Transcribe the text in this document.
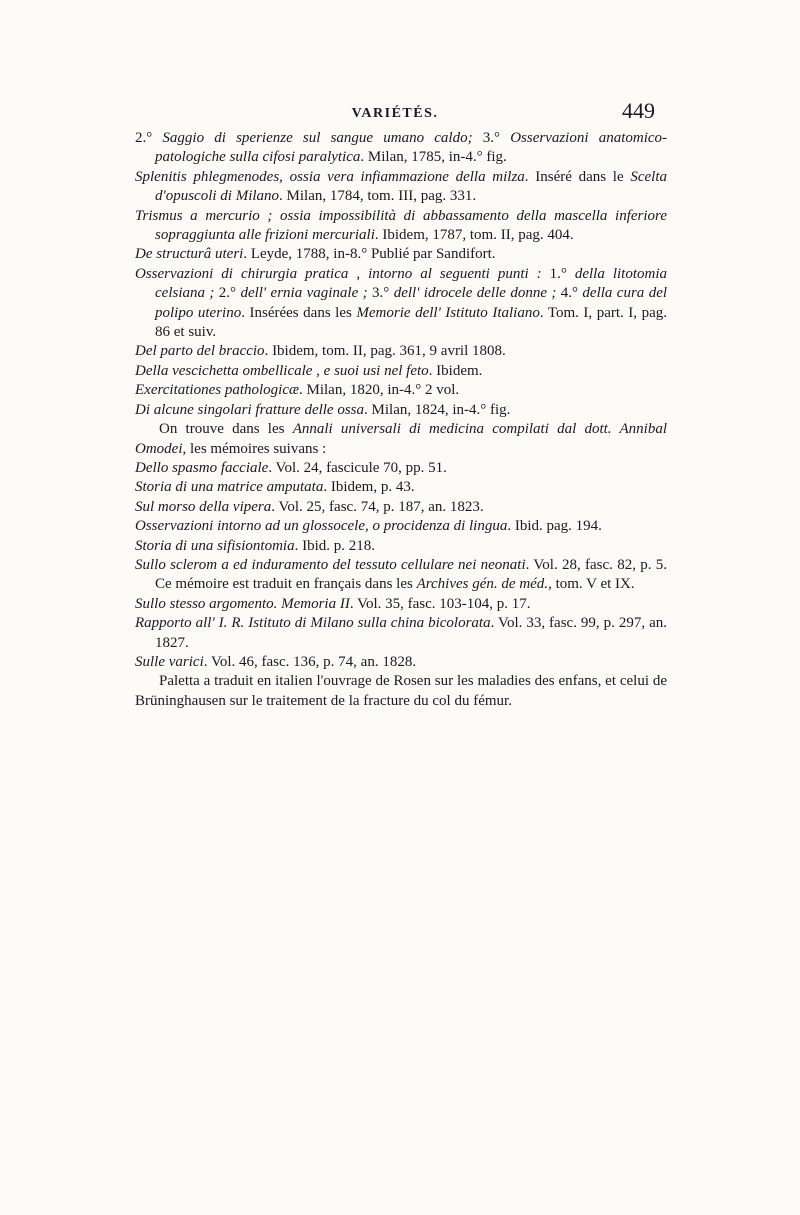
VARIÉTÉS.	449

2.° Saggio di sperienze sul sangue umano caldo; 3.° Osservazioni anatomico-patologiche sulla cifosi paralytica. Milan, 1785, in-4.° fig.

Splenitis phlegmenodes, ossia vera infiammazione della milza. Inséré dans le Scelta d'opuscoli di Milano. Milan, 1784, tom. III, pag. 331.

Trismus a mercurio ; ossia impossibilità di abbassamento della mascella inferiore sopraggiunta alle frizioni mercuriali. Ibidem, 1787, tom. II, pag. 404.

De structurâ uteri. Leyde, 1788, in-8.° Publié par Sandifort.

Osservazioni di chirurgia pratica , intorno al seguenti punti : 1.° della litotomia celsiana ; 2.° dell' ernia vaginale ; 3.° dell' idrocele delle donne ; 4.° della cura del polipo uterino. Insérées dans les Memorie dell' Istituto Italiano. Tom. I, part. I, pag. 86 et suiv.

Del parto del braccio. Ibidem, tom. II, pag. 361, 9 avril 1808.

Della vescichetta ombellicale , e suoi usi nel feto. Ibidem.

Exercitationes pathologicæ. Milan, 1820, in-4.° 2 vol.

Di alcune singolari fratture delle ossa. Milan, 1824, in-4.° fig.

On trouve dans les Annali universali di medicina compilati dal dott. Annibal Omodei, les mémoires suivans :

Dello spasmo facciale. Vol. 24, fascicule 70, pp. 51.

Storia di una matrice amputata. Ibidem, p. 43.

Sul morso della vipera. Vol. 25, fasc. 74, p. 187, an. 1823.

Osservazioni intorno ad un glossocele, o procidenza di lingua. Ibid. pag. 194.

Storia di una sifisiontomia. Ibid. p. 218.

Sullo sclerom a ed induramento del tessuto cellulare nei neonati. Vol. 28, fasc. 82, p. 5. Ce mémoire est traduit en français dans les Archives gén. de méd., tom. V et IX.

Sullo stesso argomento. Memoria II. Vol. 35, fasc. 103-104, p. 17.

Rapporto all' I. R. Istituto di Milano sulla china bicolorata. Vol. 33, fasc. 99, p. 297, an. 1827.

Sulle varici. Vol. 46, fasc. 136, p. 74, an. 1828.

Paletta a traduit en italien l'ouvrage de Rosen sur les maladies des enfans, et celui de Brüninghausen sur le traitement de la fracture du col du fémur.
